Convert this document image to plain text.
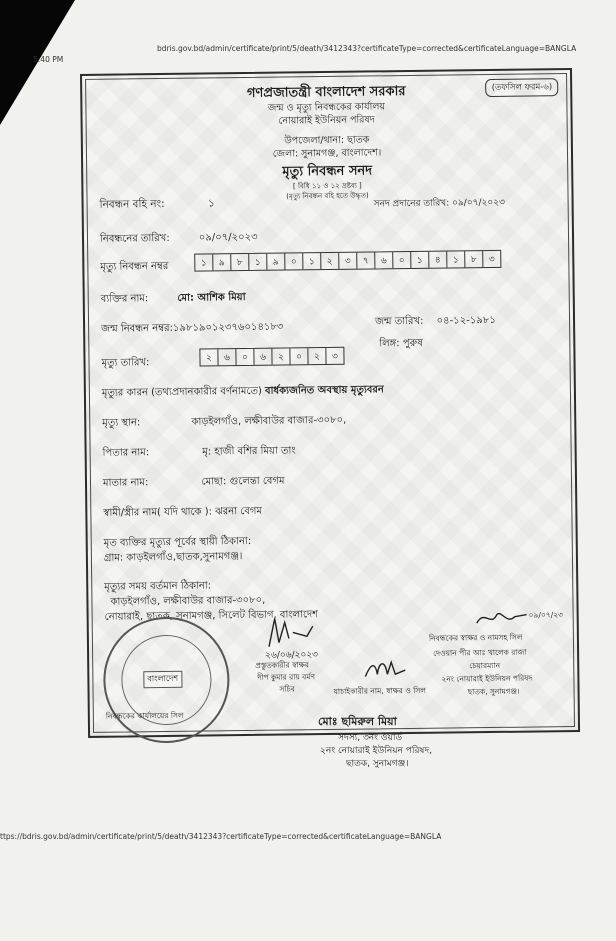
5:40 PM
bdris.gov.bd/admin/certificate/print/5/death/3412343?certificateType=corrected&certificateLanguage=BANGLA
(তফসিল ফরম-৬)
গণপ্রজাতন্ত্রী বাংলাদেশ সরকার
জন্ম ও মৃত্যু নিবন্ধকের কার্যালয়
নোয়ারাই ইউনিয়ন পরিষদ
উপজেলা/থানা: ছাতক
জেলা: সুনামগঞ্জ, বাংলাদেশ।
মৃত্যু নিবন্ধন সনদ
[ বিধি ১১ ও ১২ দ্রষ্টব্য ]
(মৃত্যু নিবন্ধন বহি হতে উদ্ধৃত)
নিবন্ধন বহি নং:	১	সনদ প্রদানের তারিখ: ০৯/০৭/২০২৩
নিবন্ধনের তারিখ:	০৯/০৭/২০২৩
মৃত্যু নিবন্ধন নম্বর	১	৯	৮	১	৯	০	১	২	৩	৭	৬	০	১	৪	১	৮	৩
ব্যক্তির নাম:	মো: আশিক মিয়া
জন্ম নিবন্ধন নম্বর:১৯৮১৯০১২৩৭৬০১৪১৮৩	জন্ম তারিখ: ০৪-১২-১৯৮১
লিঙ্গ: পুরুষ
মৃত্যু তারিখ:	২	৬	০	৬	২	০	২	৩
মৃত্যুর কারন (তথ্যপ্রদানকারীর বর্ণনামতে) বার্ধক্যজনিত অবস্থায় মৃত্যুবরন
মৃত্যু স্থান:	কাড়ইলগাঁও, লক্ষীবাউর বাজার-৩০৮০,
পিতার নাম:	মৃ: হাজী বশির মিয়া তাং
মাতার নাম:	মোছা: গুলেন্তা বেগম
স্বামী/স্ত্রীর নাম( যদি থাকে ): ঝরনা বেগম
মৃত ব্যক্তির মৃত্যুর পূর্বের স্থায়ী ঠিকানা:
গ্রাম: কাড়ইলগাঁও,ছাতক,সুনামগঞ্জ।
মৃত্যুর সময় বর্তমান ঠিকানা:
কাড়ইলগাঁও, লক্ষীবাউর বাজার-৩০৮০,
নোয়ারাই, ছাতক, সুনামগঞ্জ, সিলেট বিভাগ, বাংলাদেশ
বাংলাদেশ
২৬/০৬/২০২৩
প্রস্তুতকারীর স্বাক্ষর
দীপ কুমার রায় বর্মণ
সচিব	যাচাইকারীর নাম, স্বাক্ষর ও সিল
নিবন্ধকের কার্যালয়ের সিল
০৯/০৭/২৩
নিবন্ধকের স্বাক্ষর ও নামসহ সিল
দেওয়ান পীর আঃ খালেক রাজা
চেয়ারম্যান
২নং নোয়ারাই ইউনিয়ন পরিষদ
ছাতক, সুনামগঞ্জ।
মোঃ ছমিরুল মিয়া
সদস্য, ৩নং ওয়ার্ড
২নং নোয়ারাই ইউনিয়ন পরিষদ,
ছাতক, সুনামগঞ্জ।
ttps://bdris.gov.bd/admin/certificate/print/5/death/3412343?certificateType=corrected&certificateLanguage=BANGLA
